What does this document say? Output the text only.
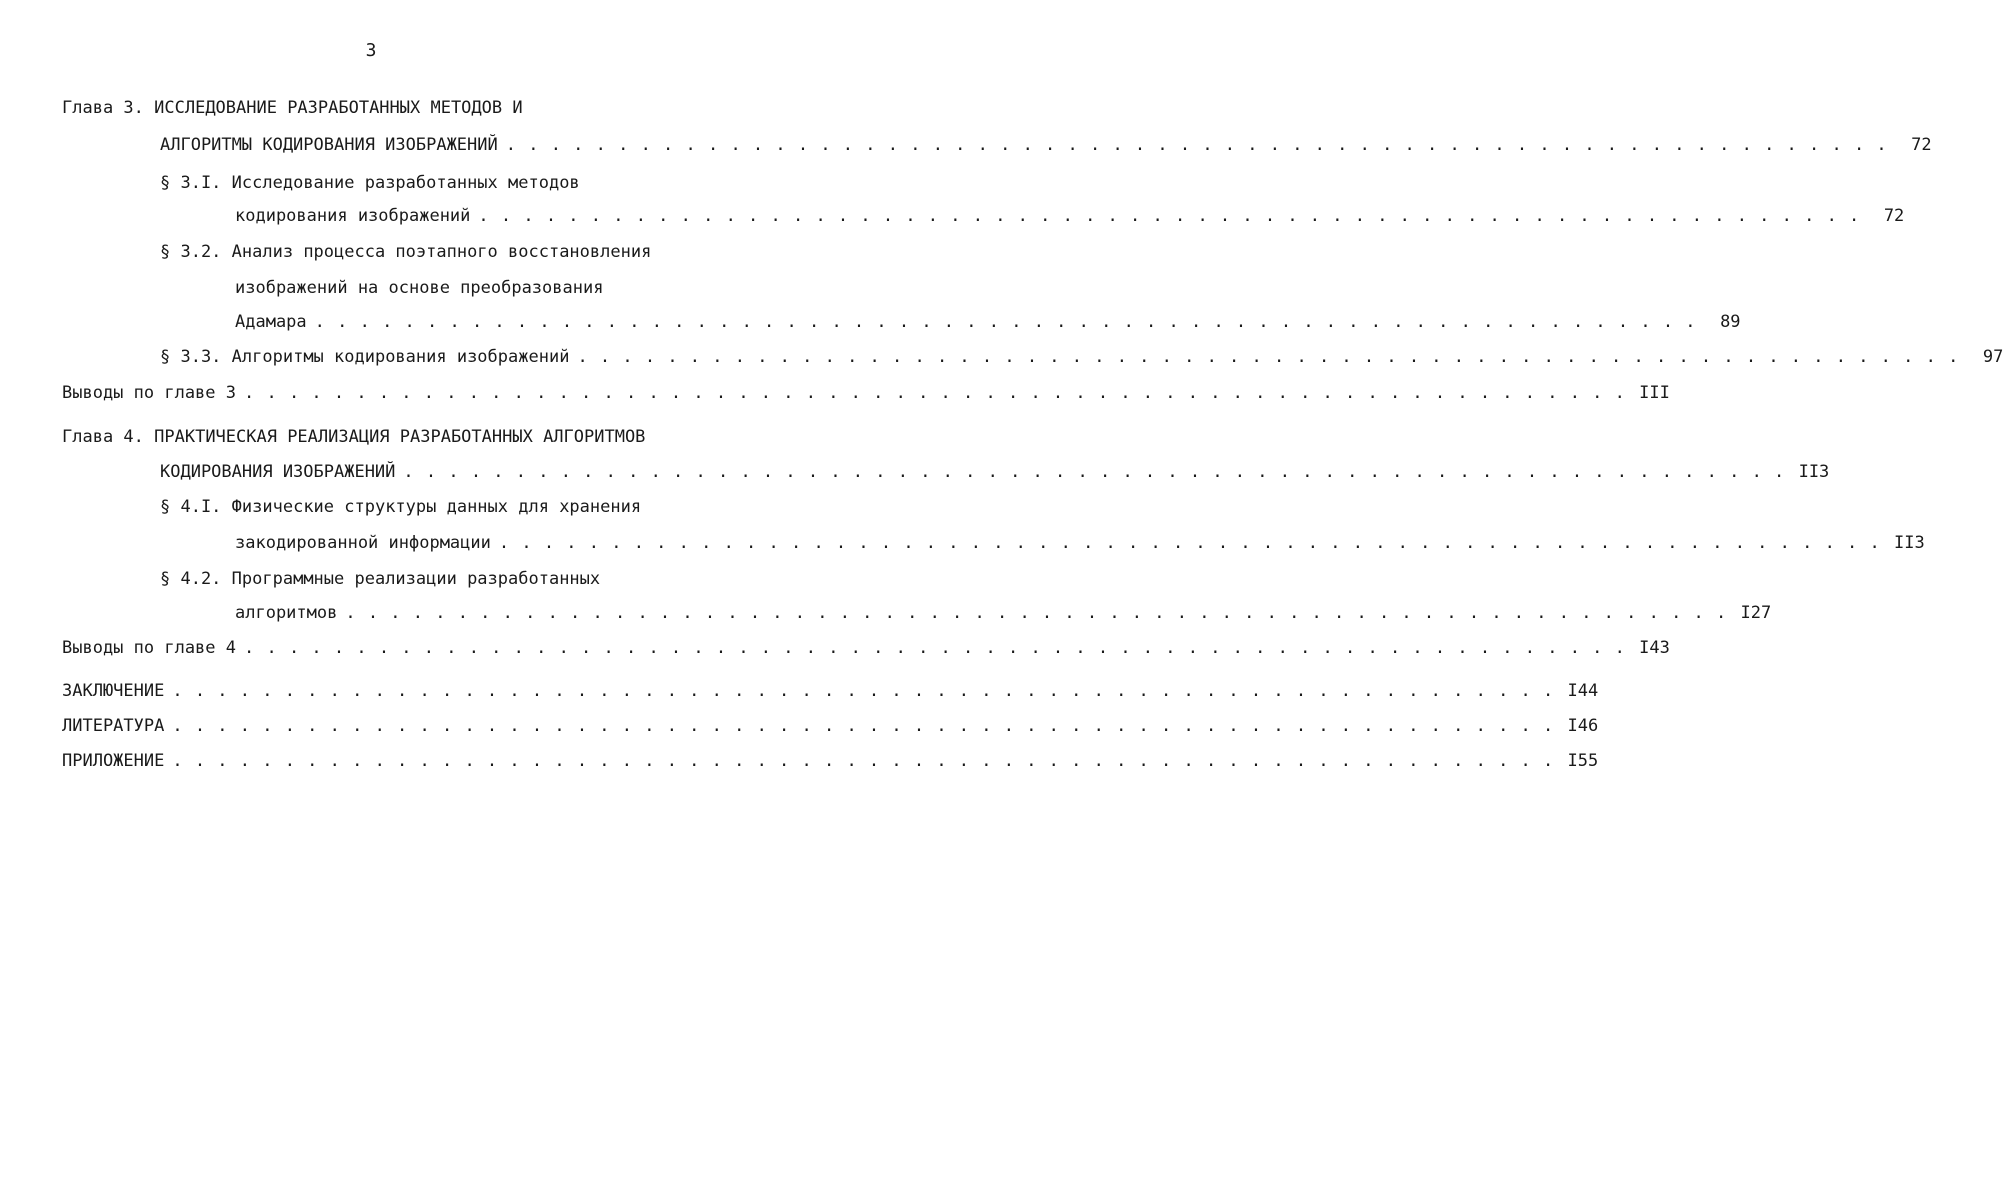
3
Глава 3. ИССЛЕДОВАНИЕ РАЗРАБОТАННЫХ МЕТОДОВ И
АЛГОРИТМЫ КОДИРОВАНИЯ ИЗОБРАЖЕНИЙ . . . . . . . . . . . . . . . . . . . . . . . . . . . . . . . . . . . . . . . . . . . . . . . . . . . . . . . . . . . . . .	72
§ 3.I. Исследование разработанных методов
кодирования изображений . . . . . . . . . . . . . . . . . . . . . . . . . . . . . . . . . . . . . . . . . . . . . . . . . . . . . . . . . . . . . .	72
§ 3.2. Анализ процесса поэтапного восстановления
изображений на основе преобразования
Адамара . . . . . . . . . . . . . . . . . . . . . . . . . . . . . . . . . . . . . . . . . . . . . . . . . . . . . . . . . . . . . .	89
§ 3.3. Алгоритмы кодирования изображений . . . . . . . . . . . . . . . . . . . . . . . . . . . . . . . . . . . . . . . . . . . . . . . . . . . . . . . . . . . . . .	97
Выводы по главе 3 . . . . . . . . . . . . . . . . . . . . . . . . . . . . . . . . . . . . . . . . . . . . . . . . . . . . . . . . . . . . . . III
Глава 4. ПРАКТИЧЕСКАЯ РЕАЛИЗАЦИЯ РАЗРАБОТАННЫХ АЛГОРИТМОВ
КОДИРОВАНИЯ ИЗОБРАЖЕНИЙ . . . . . . . . . . . . . . . . . . . . . . . . . . . . . . . . . . . . . . . . . . . . . . . . . . . . . . . . . . . . . . II3
§ 4.I. Физические структуры данных для хранения
закодированной информации . . . . . . . . . . . . . . . . . . . . . . . . . . . . . . . . . . . . . . . . . . . . . . . . . . . . . . . . . . . . . . II3
§ 4.2. Программные реализации разработанных
алгоритмов . . . . . . . . . . . . . . . . . . . . . . . . . . . . . . . . . . . . . . . . . . . . . . . . . . . . . . . . . . . . . . I27
Выводы по главе 4 . . . . . . . . . . . . . . . . . . . . . . . . . . . . . . . . . . . . . . . . . . . . . . . . . . . . . . . . . . . . . . I43
ЗАКЛЮЧЕНИЕ . . . . . . . . . . . . . . . . . . . . . . . . . . . . . . . . . . . . . . . . . . . . . . . . . . . . . . . . . . . . . . I44
ЛИТЕРАТУРА . . . . . . . . . . . . . . . . . . . . . . . . . . . . . . . . . . . . . . . . . . . . . . . . . . . . . . . . . . . . . . I46
ПРИЛОЖЕНИЕ . . . . . . . . . . . . . . . . . . . . . . . . . . . . . . . . . . . . . . . . . . . . . . . . . . . . . . . . . . . . . . I55
